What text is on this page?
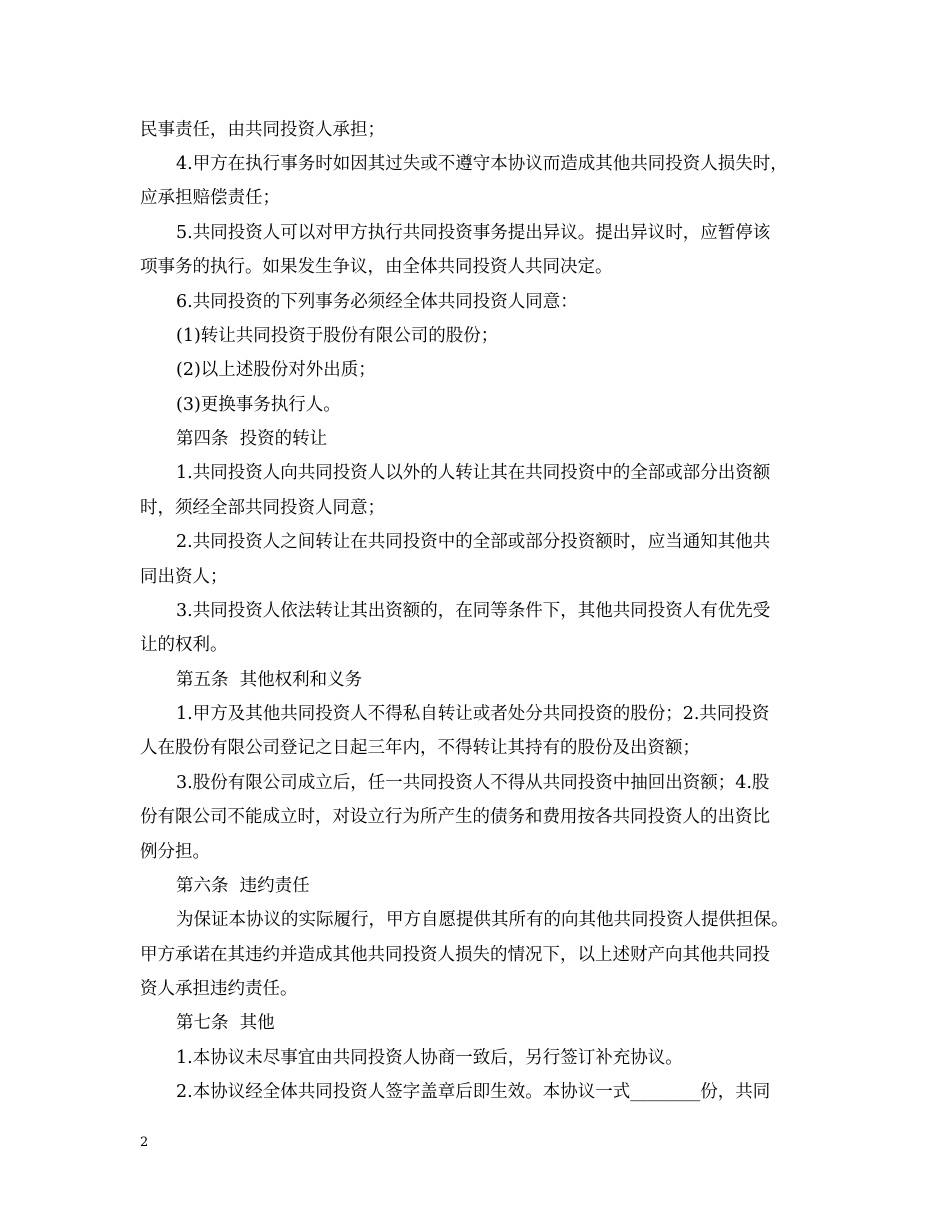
民事责任，由共同投资人承担；
4.甲方在执行事务时如因其过失或不遵守本协议而造成其他共同投资人损失时，
应承担赔偿责任；
5.共同投资人可以对甲方执行共同投资事务提出异议。提出异议时，应暂停该
项事务的执行。如果发生争议，由全体共同投资人共同决定。
6.共同投资的下列事务必须经全体共同投资人同意：
(1)转让共同投资于股份有限公司的股份；
(2)以上述股份对外出质；
(3)更换事务执行人。
第四条  投资的转让
1.共同投资人向共同投资人以外的人转让其在共同投资中的全部或部分出资额
时，须经全部共同投资人同意；
2.共同投资人之间转让在共同投资中的全部或部分投资额时，应当通知其他共
同出资人；
3.共同投资人依法转让其出资额的，在同等条件下，其他共同投资人有优先受
让的权利。
第五条  其他权利和义务
1.甲方及其他共同投资人不得私自转让或者处分共同投资的股份；2.共同投资
人在股份有限公司登记之日起三年内，不得转让其持有的股份及出资额；
3.股份有限公司成立后，任一共同投资人不得从共同投资中抽回出资额；4.股
份有限公司不能成立时，对设立行为所产生的债务和费用按各共同投资人的出资比
例分担。
第六条  违约责任
为保证本协议的实际履行，甲方自愿提供其所有的向其他共同投资人提供担保。
甲方承诺在其违约并造成其他共同投资人损失的情况下，以上述财产向其他共同投
资人承担违约责任。
第七条  其他
1.本协议未尽事宜由共同投资人协商一致后，另行签订补充协议。
2.本协议经全体共同投资人签字盖章后即生效。本协议一式________份，共同
2
